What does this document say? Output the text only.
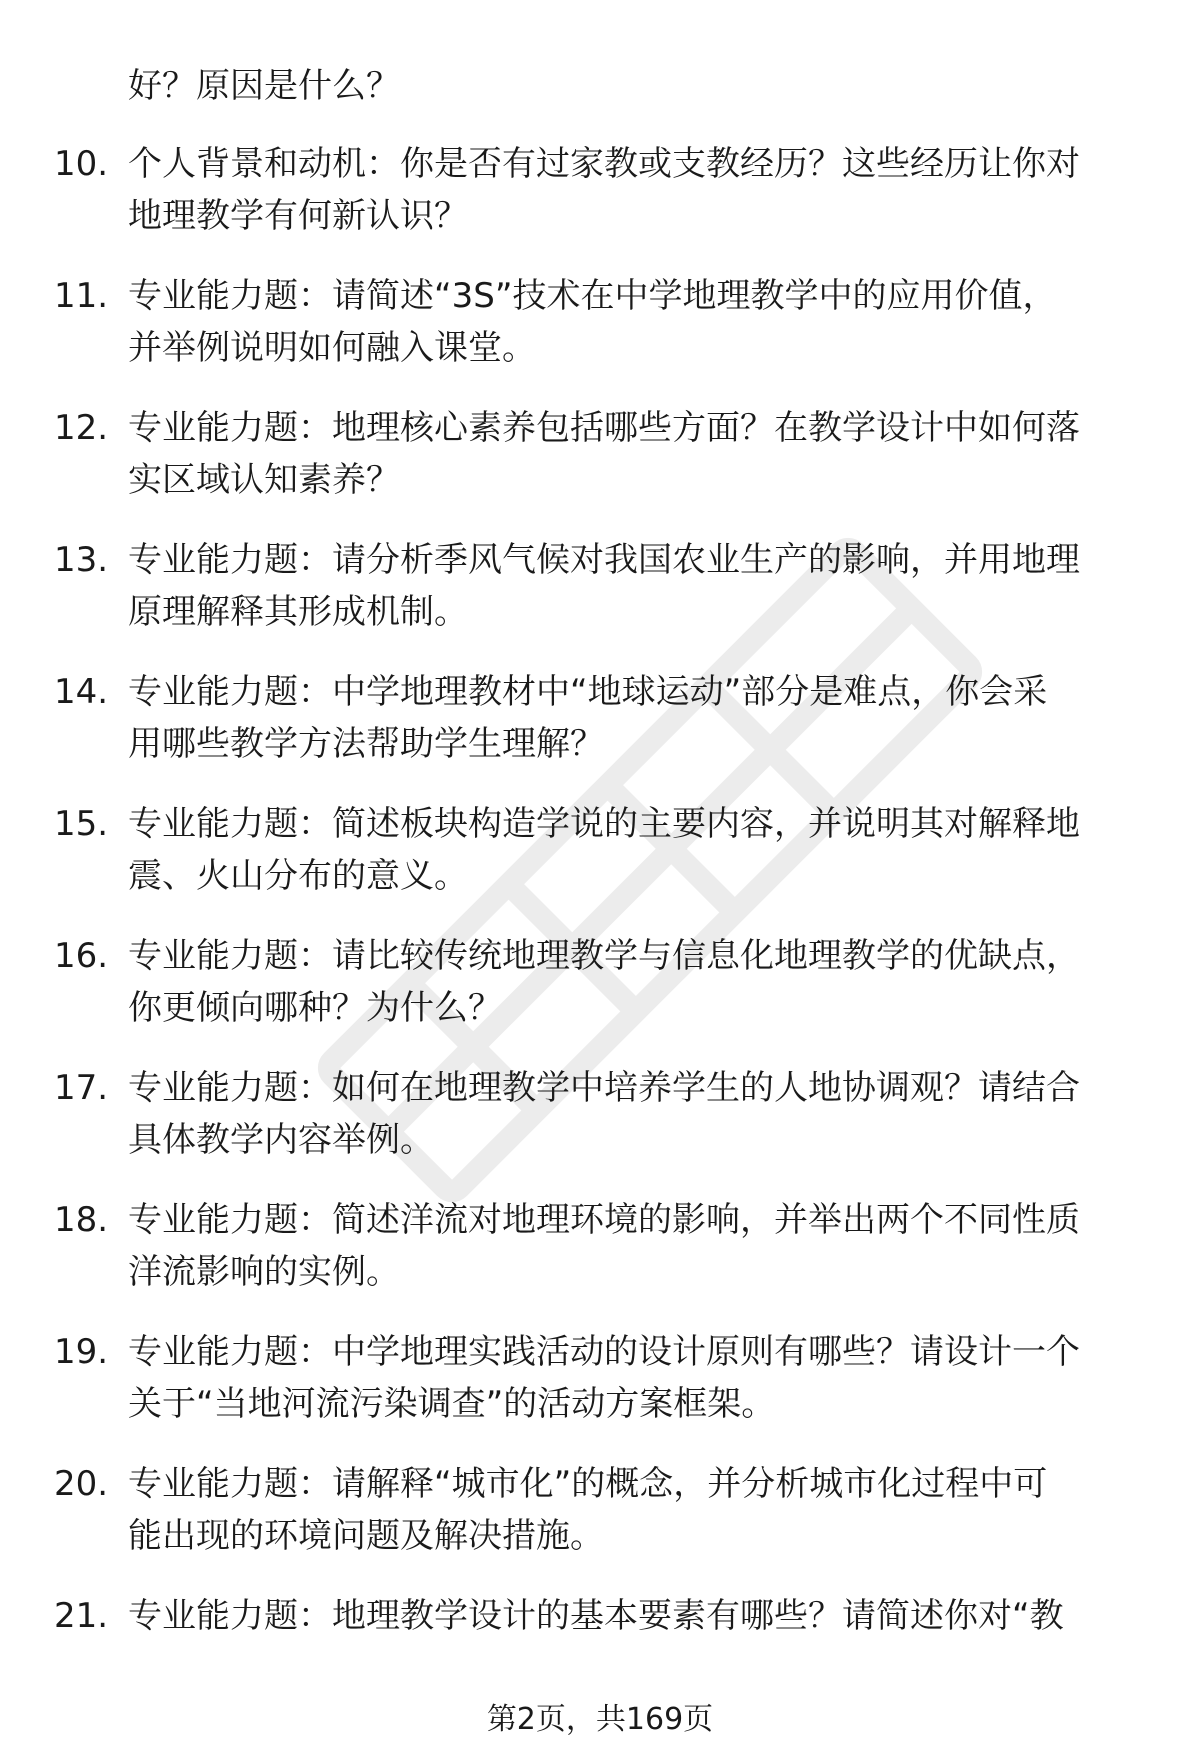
好？原因是什么？
10. 个人背景和动机：你是否有过家教或支教经历？这些经历让你对
地理教学有何新认识？
11. 专业能力题：请简述“3S”技术在中学地理教学中的应用价值，
并举例说明如何融入课堂。
12. 专业能力题：地理核心素养包括哪些方面？在教学设计中如何落
实区域认知素养？
13. 专业能力题：请分析季风气候对我国农业生产的影响，并用地理
原理解释其形成机制。
14. 专业能力题：中学地理教材中“地球运动”部分是难点，你会采
用哪些教学方法帮助学生理解？
15. 专业能力题：简述板块构造学说的主要内容，并说明其对解释地
震、火山分布的意义。
16. 专业能力题：请比较传统地理教学与信息化地理教学的优缺点，
你更倾向哪种？为什么？
17. 专业能力题：如何在地理教学中培养学生的人地协调观？请结合
具体教学内容举例。
18. 专业能力题：简述洋流对地理环境的影响，并举出两个不同性质
洋流影响的实例。
19. 专业能力题：中学地理实践活动的设计原则有哪些？请设计一个
关于“当地河流污染调查”的活动方案框架。
20. 专业能力题：请解释“城市化”的概念，并分析城市化过程中可
能出现的环境问题及解决措施。
21. 专业能力题：地理教学设计的基本要素有哪些？请简述你对“教
第2页，共169页
